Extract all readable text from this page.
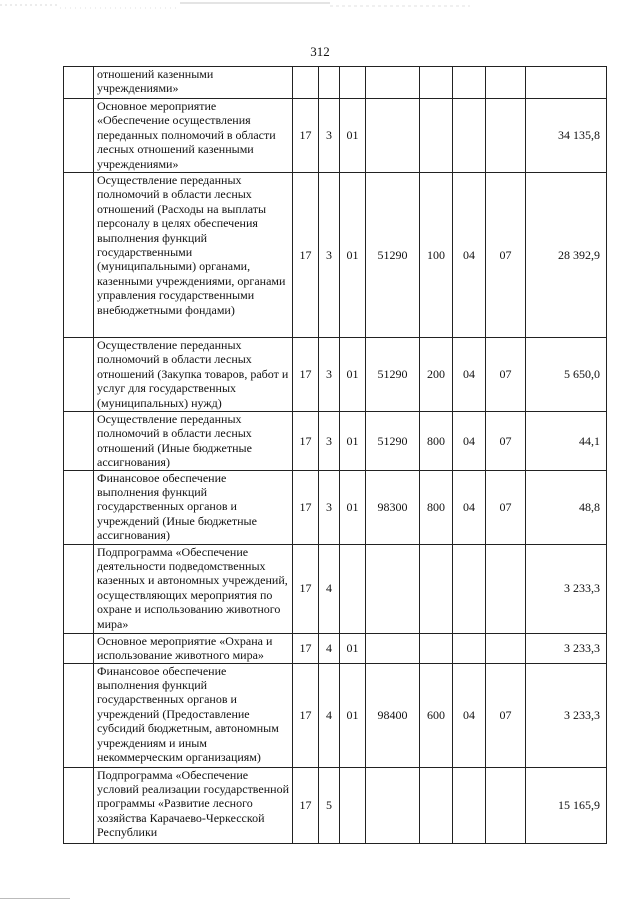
312
	отношений казенными учреждениями»								
	Основное мероприятие «Обеспечение осуществления переданных полномочий в области лесных отношений казенными учреждениями»	17	3	01					34 135,8
	Осуществление переданных полномочий в области лесных отношений (Расходы на выплаты персоналу в целях обеспечения выполнения функций государственными (муниципальными) органами, казенными учреждениями, органами управления государственными внебюджетными фондами)	17	3	01	51290	100	04	07	28 392,9
	Осуществление переданных полномочий в области лесных отношений (Закупка товаров, работ и услуг для государственных (муниципальных) нужд)	17	3	01	51290	200	04	07	5 650,0
	Осуществление переданных полномочий в области лесных отношений (Иные бюджетные ассигнования)	17	3	01	51290	800	04	07	44,1
	Финансовое обеспечение выполнения функций государственных органов и учреждений (Иные бюджетные ассигнования)	17	3	01	98300	800	04	07	48,8
	Подпрограмма «Обеспечение деятельности подведомственных казенных и автономных учреждений, осуществляющих мероприятия по охране и использованию животного мира»	17	4						3 233,3
	Основное мероприятие «Охрана и использование животного мира»	17	4	01					3 233,3
	Финансовое обеспечение выполнения функций государственных органов и учреждений (Предоставление субсидий бюджетным, автономным учреждениям и иным некоммерческим организациям)	17	4	01	98400	600	04	07	3 233,3
	Подпрограмма «Обеспечение условий реализации государственной программы «Развитие лесного хозяйства Карачаево-Черкесской Республики	17	5						15 165,9
